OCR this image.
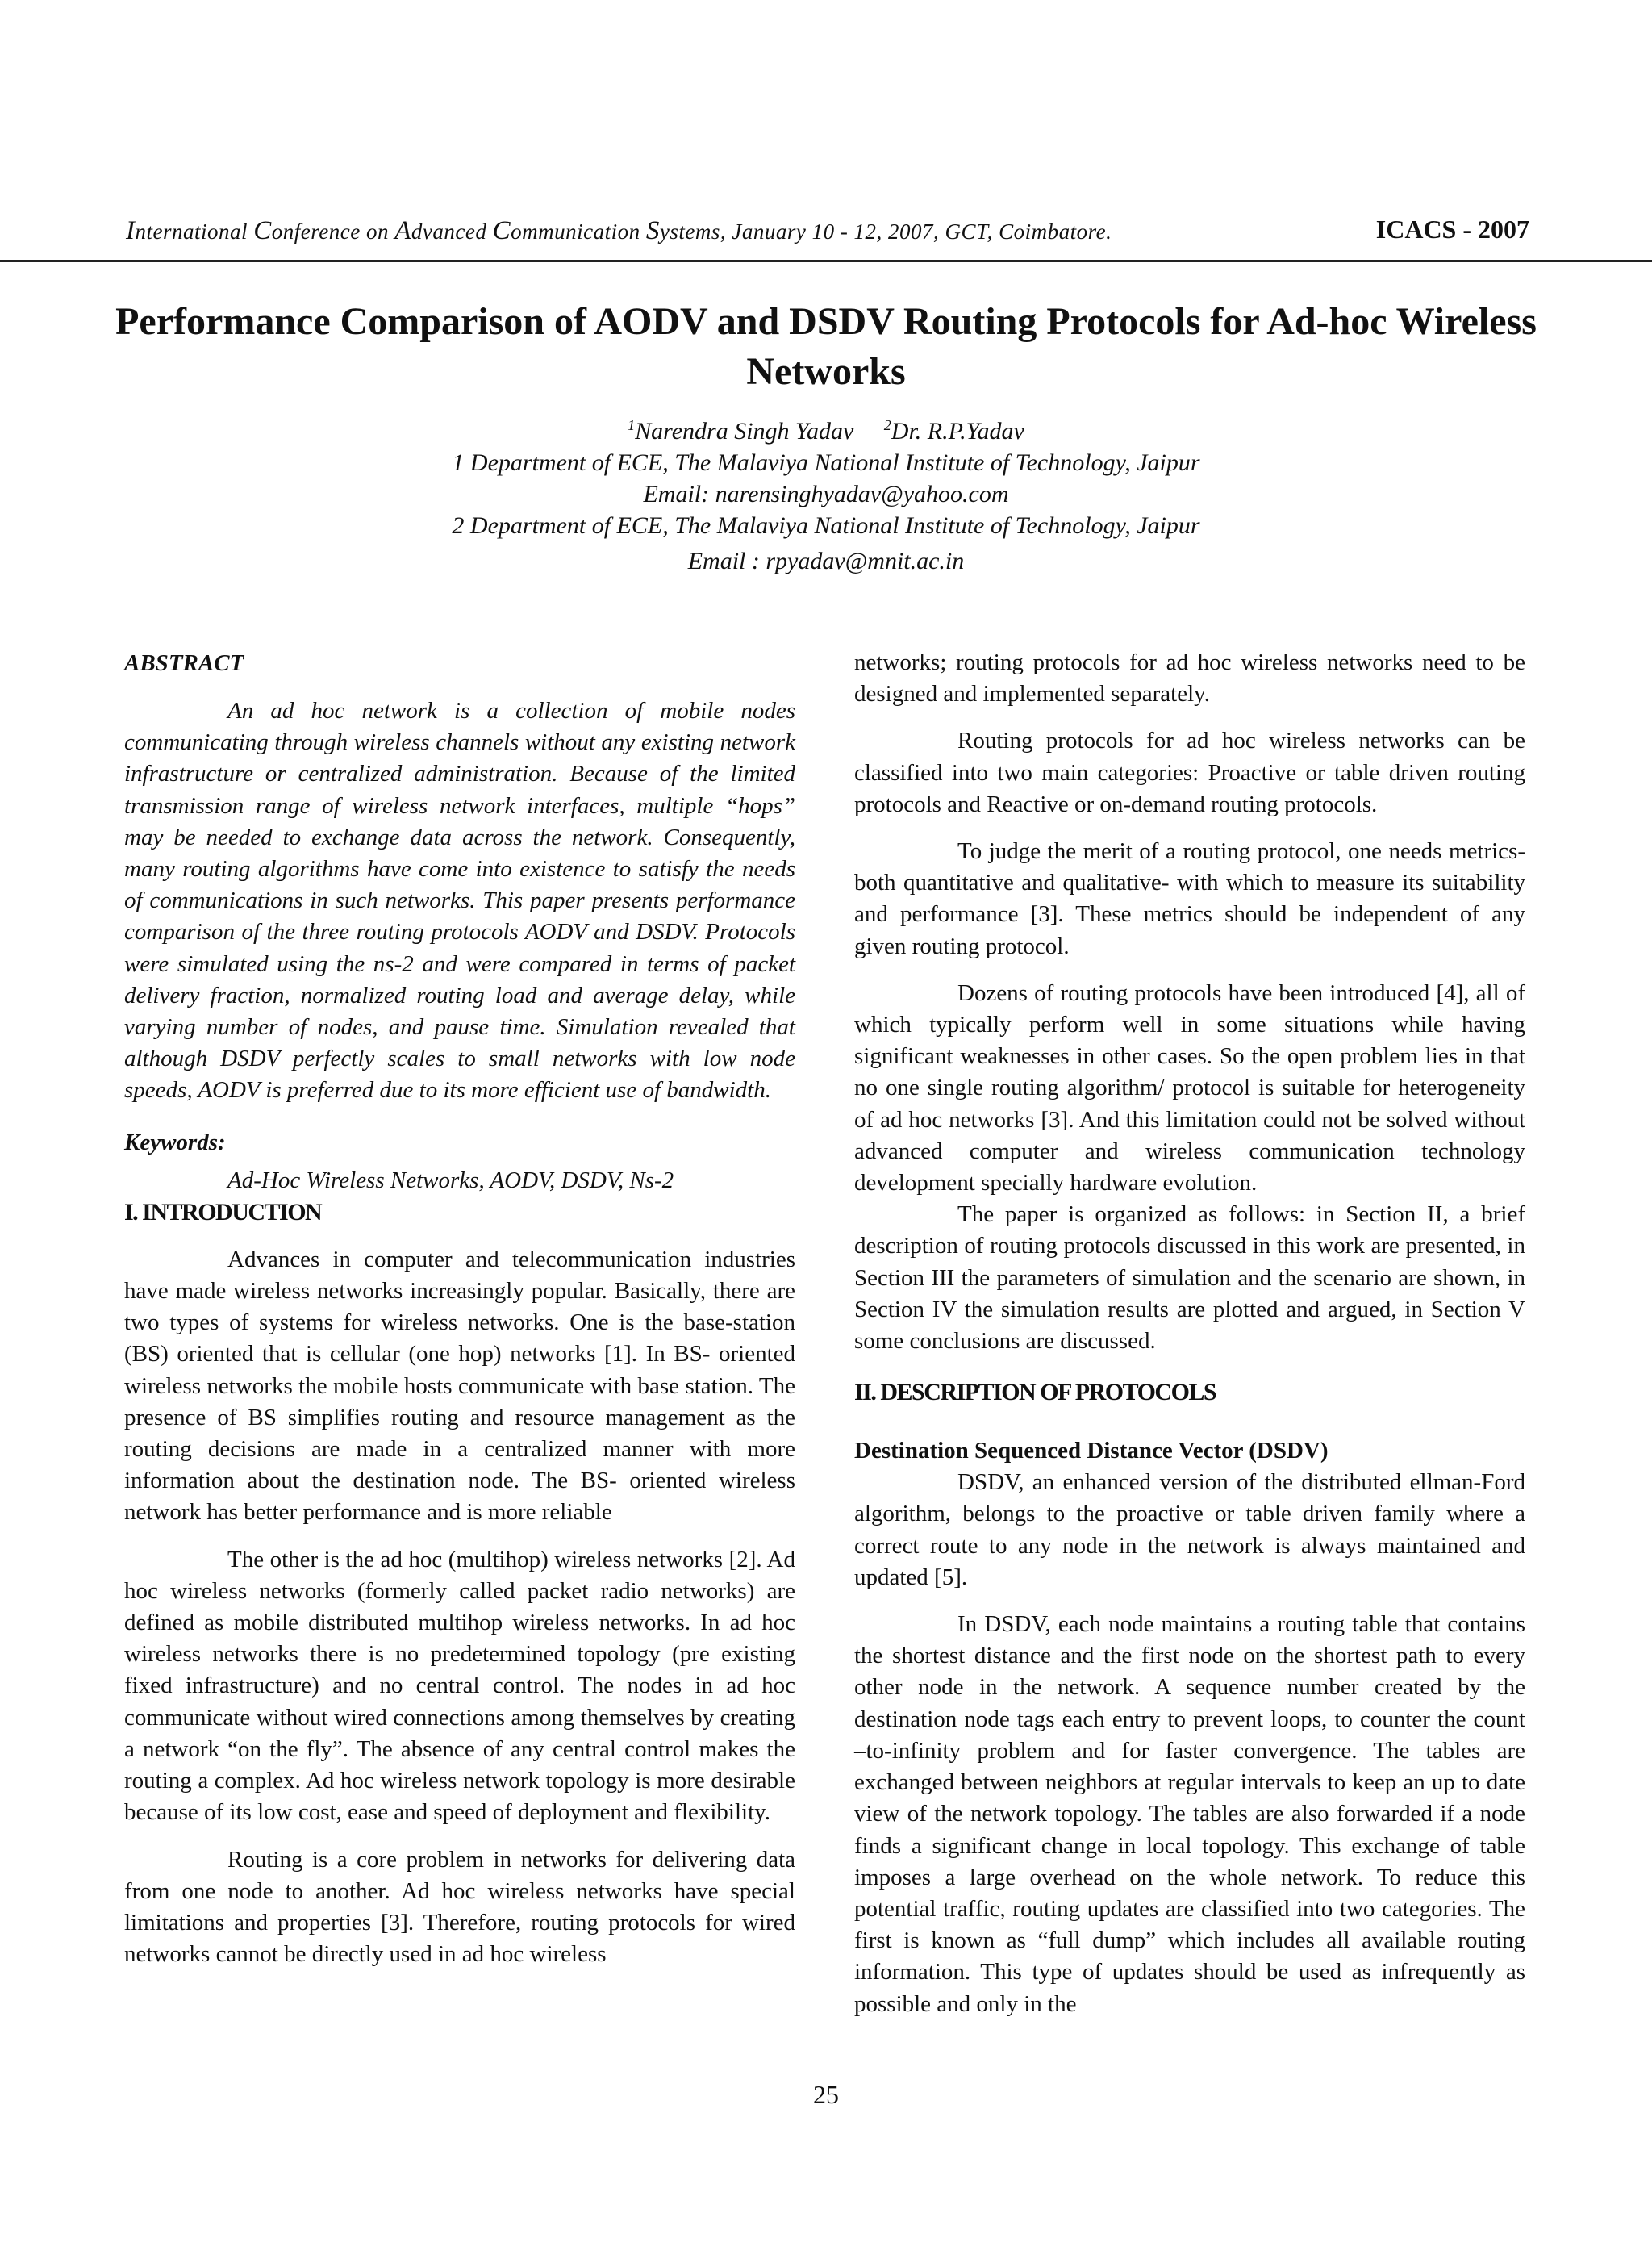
International Conference on Advanced Communication Systems, January 10 - 12, 2007, GCT, Coimbatore.	ICACS - 2007
Performance Comparison of AODV and DSDV Routing Protocols for Ad-hoc Wireless Networks

$^1$Narendra Singh Yadav $^2$Dr. R.P.Yadav

1 Department of ECE, The Malaviya National Institute of Technology, Jaipur

Email: narensinghyadav@yahoo.com

2 Department of ECE, The Malaviya National Institute of Technology, Jaipur

Email : rpyadav@mnit.ac.in

ABSTRACT

An ad hoc network is a collection of mobile nodes communicating through wireless channels without any existing network infrastructure or centralized administration. Because of the limited transmission range of wireless network interfaces, multiple “hops” may be needed to exchange data across the network. Consequently, many routing algorithms have come into existence to satisfy the needs of communications in such networks. This paper presents performance comparison of the three routing protocols AODV and DSDV. Protocols were simulated using the ns-2 and were compared in terms of packet delivery fraction, normalized routing load and average delay, while varying number of nodes, and pause time. Simulation revealed that although DSDV perfectly scales to small networks with low node speeds, AODV is preferred due to its more efficient use of bandwidth.

Keywords:

Ad-Hoc Wireless Networks, AODV, DSDV, Ns-2

I. INTRODUCTION

Advances in computer and telecommunication industries have made wireless networks increasingly popular. Basically, there are two types of systems for wireless networks. One is the base-station (BS) oriented that is cellular (one hop) networks [1]. In BS- oriented wireless networks the mobile hosts communicate with base station. The presence of BS simplifies routing and resource management as the routing decisions are made in a centralized manner with more information about the destination node. The BS- oriented wireless network has better performance and is more reliable

The other is the ad hoc (multihop) wireless networks [2]. Ad hoc wireless networks (formerly called packet radio networks) are defined as mobile distributed multihop wireless networks. In ad hoc wireless networks there is no predetermined topology (pre existing fixed infrastructure) and no central control. The nodes in ad hoc communicate without wired connections among themselves by creating a network “on the fly”. The absence of any central control makes the routing a complex. Ad hoc wireless network topology is more desirable because of its low cost, ease and speed of deployment and flexibility.

Routing is a core problem in networks for delivering data from one node to another. Ad hoc wireless networks have special limitations and properties [3]. Therefore, routing protocols for wired networks cannot be directly used in ad hoc wireless

networks; routing protocols for ad hoc wireless networks need to be designed and implemented separately.

Routing protocols for ad hoc wireless networks can be classified into two main categories: Proactive or table driven routing protocols and Reactive or on-demand routing protocols.

To judge the merit of a routing protocol, one needs metrics- both quantitative and qualitative- with which to measure its suitability and performance [3]. These metrics should be independent of any given routing protocol.

Dozens of routing protocols have been introduced [4], all of which typically perform well in some situations while having significant weaknesses in other cases. So the open problem lies in that no one single routing algorithm/ protocol is suitable for heterogeneity of ad hoc networks [3]. And this limitation could not be solved without advanced computer and wireless communication technology development specially hardware evolution.

The paper is organized as follows: in Section II, a brief description of routing protocols discussed in this work are presented, in Section III the parameters of simulation and the scenario are shown, in Section IV the simulation results are plotted and argued, in Section V some conclusions are discussed.

II. DESCRIPTION OF PROTOCOLS

Destination Sequenced Distance Vector (DSDV)

DSDV, an enhanced version of the distributed ellman-Ford algorithm, belongs to the proactive or table driven family where a correct route to any node in the network is always maintained and updated [5].

In DSDV, each node maintains a routing table that contains the shortest distance and the first node on the shortest path to every other node in the network. A sequence number created by the destination node tags each entry to prevent loops, to counter the count –to-infinity problem and for faster convergence. The tables are exchanged between neighbors at regular intervals to keep an up to date view of the network topology. The tables are also forwarded if a node finds a significant change in local topology. This exchange of table imposes a large overhead on the whole network. To reduce this potential traffic, routing updates are classified into two categories. The first is known as “full dump” which includes all available routing information. This type of updates should be used as infrequently as possible and only in the

25
